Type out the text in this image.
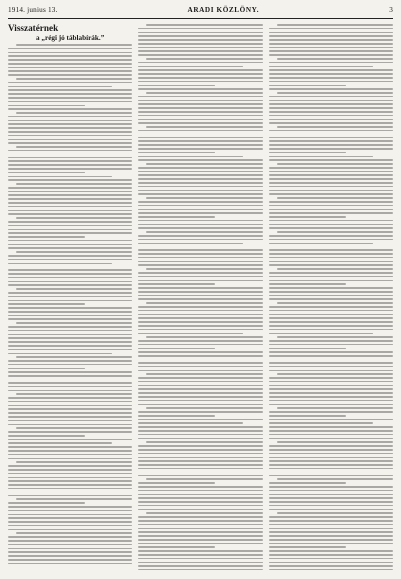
1914. junius 13.	ARADI KÖZLÖNY.	3
Visszatérnek
a „régi jó táblabírák.”
